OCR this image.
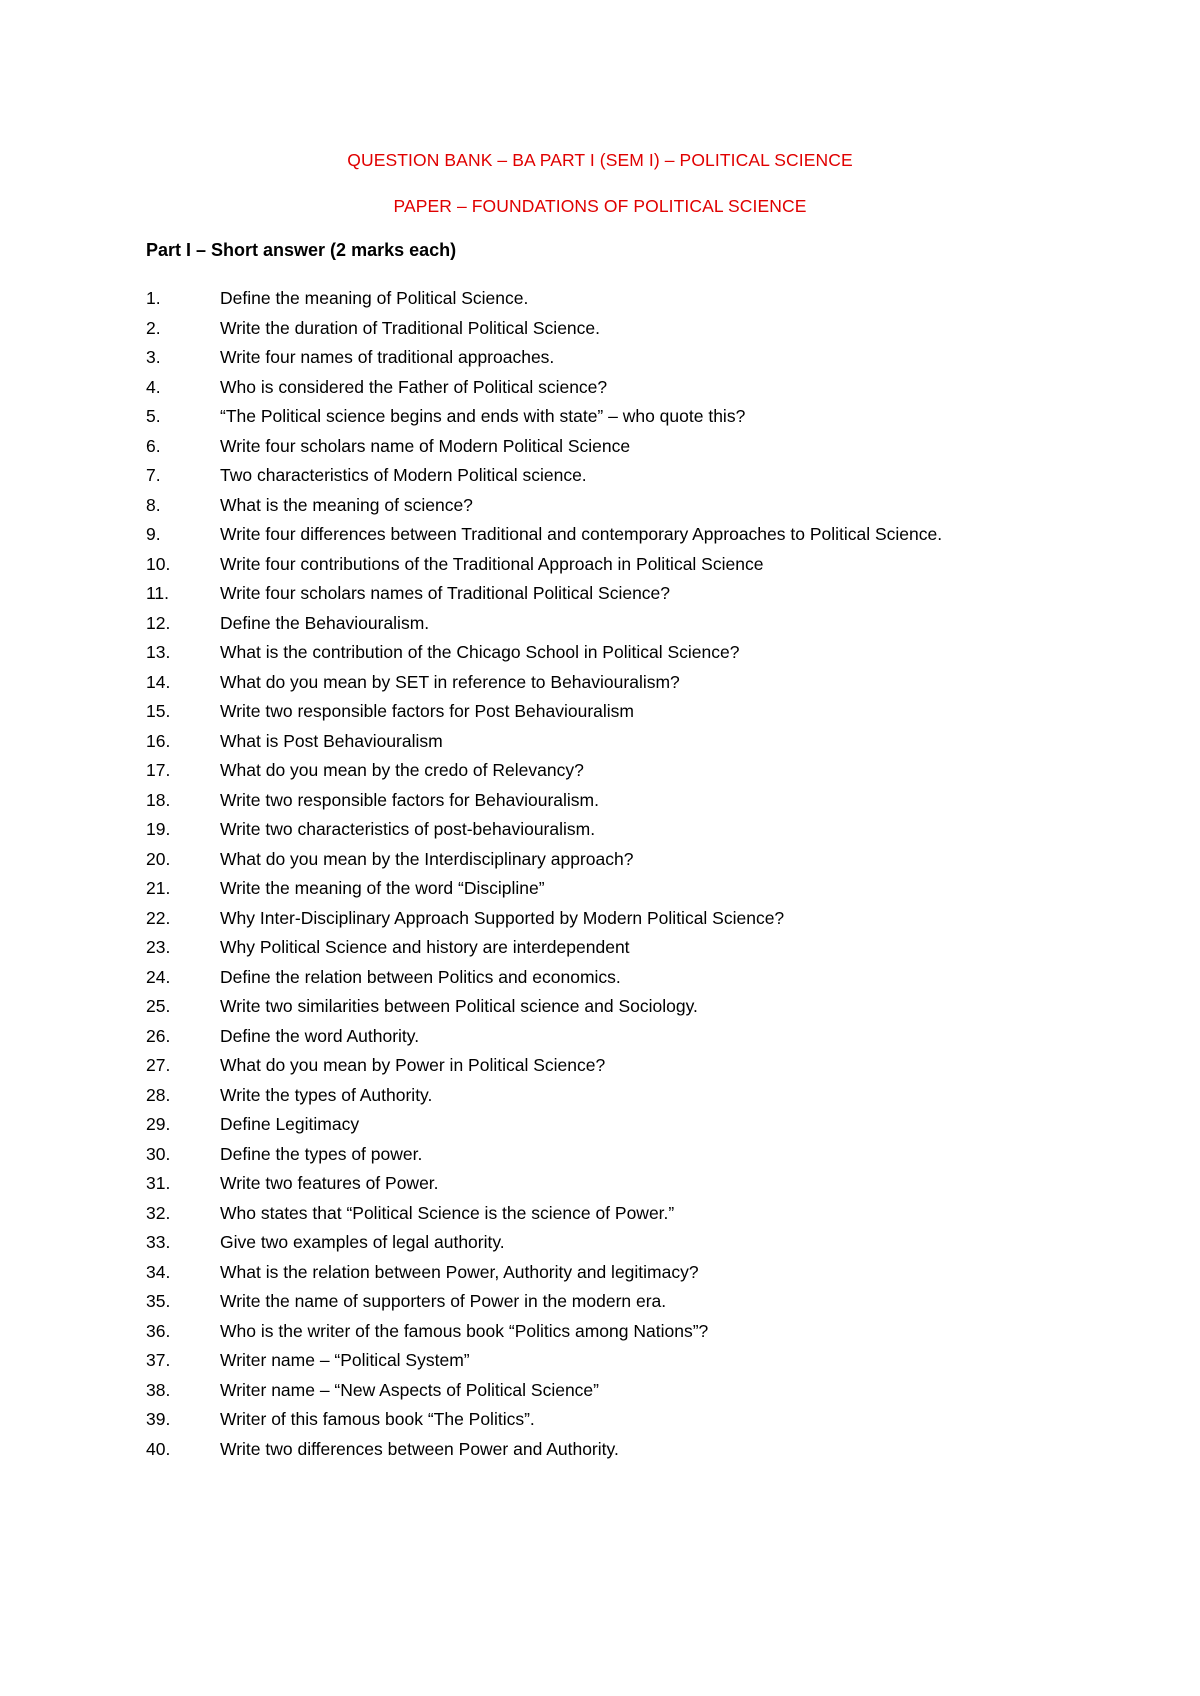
QUESTION BANK – BA PART I (SEM I) – POLITICAL SCIENCE
PAPER – FOUNDATIONS OF POLITICAL SCIENCE
Part I – Short answer (2 marks each)
1.	Define the meaning of Political Science.
2.	Write the duration of Traditional Political Science.
3.	Write four names of traditional approaches.
4.	Who is considered the Father of Political science?
5.	“The Political science begins and ends with state” – who quote this?
6.	Write four scholars name of Modern Political Science
7.	Two characteristics of Modern Political science.
8.	What is the meaning of science?
9.	Write four differences between Traditional and contemporary Approaches to Political Science.
10.	Write four contributions of the Traditional Approach in Political Science
11.	Write four scholars names of Traditional Political Science?
12.	Define the Behaviouralism.
13.	What is the contribution of the Chicago School in Political Science?
14.	What do you mean by SET in reference to Behaviouralism?
15.	Write two responsible factors for Post Behaviouralism
16.	What is Post Behaviouralism
17.	What do you mean by the credo of Relevancy?
18.	Write two responsible factors for Behaviouralism.
19.	Write two characteristics of post-behaviouralism.
20.	What do you mean by the Interdisciplinary approach?
21.	Write the meaning of the word “Discipline”
22.	Why Inter-Disciplinary Approach Supported by Modern Political Science?
23.	Why Political Science and history are interdependent
24.	Define the relation between Politics and economics.
25.	Write two similarities between Political science and Sociology.
26.	Define the word Authority.
27.	What do you mean by Power in Political Science?
28.	Write the types of Authority.
29.	Define Legitimacy
30.	Define the types of power.
31.	Write two features of Power.
32.	Who states that “Political Science is the science of Power.”
33.	Give two examples of legal authority.
34.	What is the relation between Power, Authority and legitimacy?
35.	Write the name of supporters of Power in the modern era.
36.	Who is the writer of the famous book “Politics among Nations”?
37.	Writer name – “Political System”
38.	Writer name – “New Aspects of Political Science”
39.	Writer of this famous book “The Politics”.
40.	Write two differences between Power and Authority.
